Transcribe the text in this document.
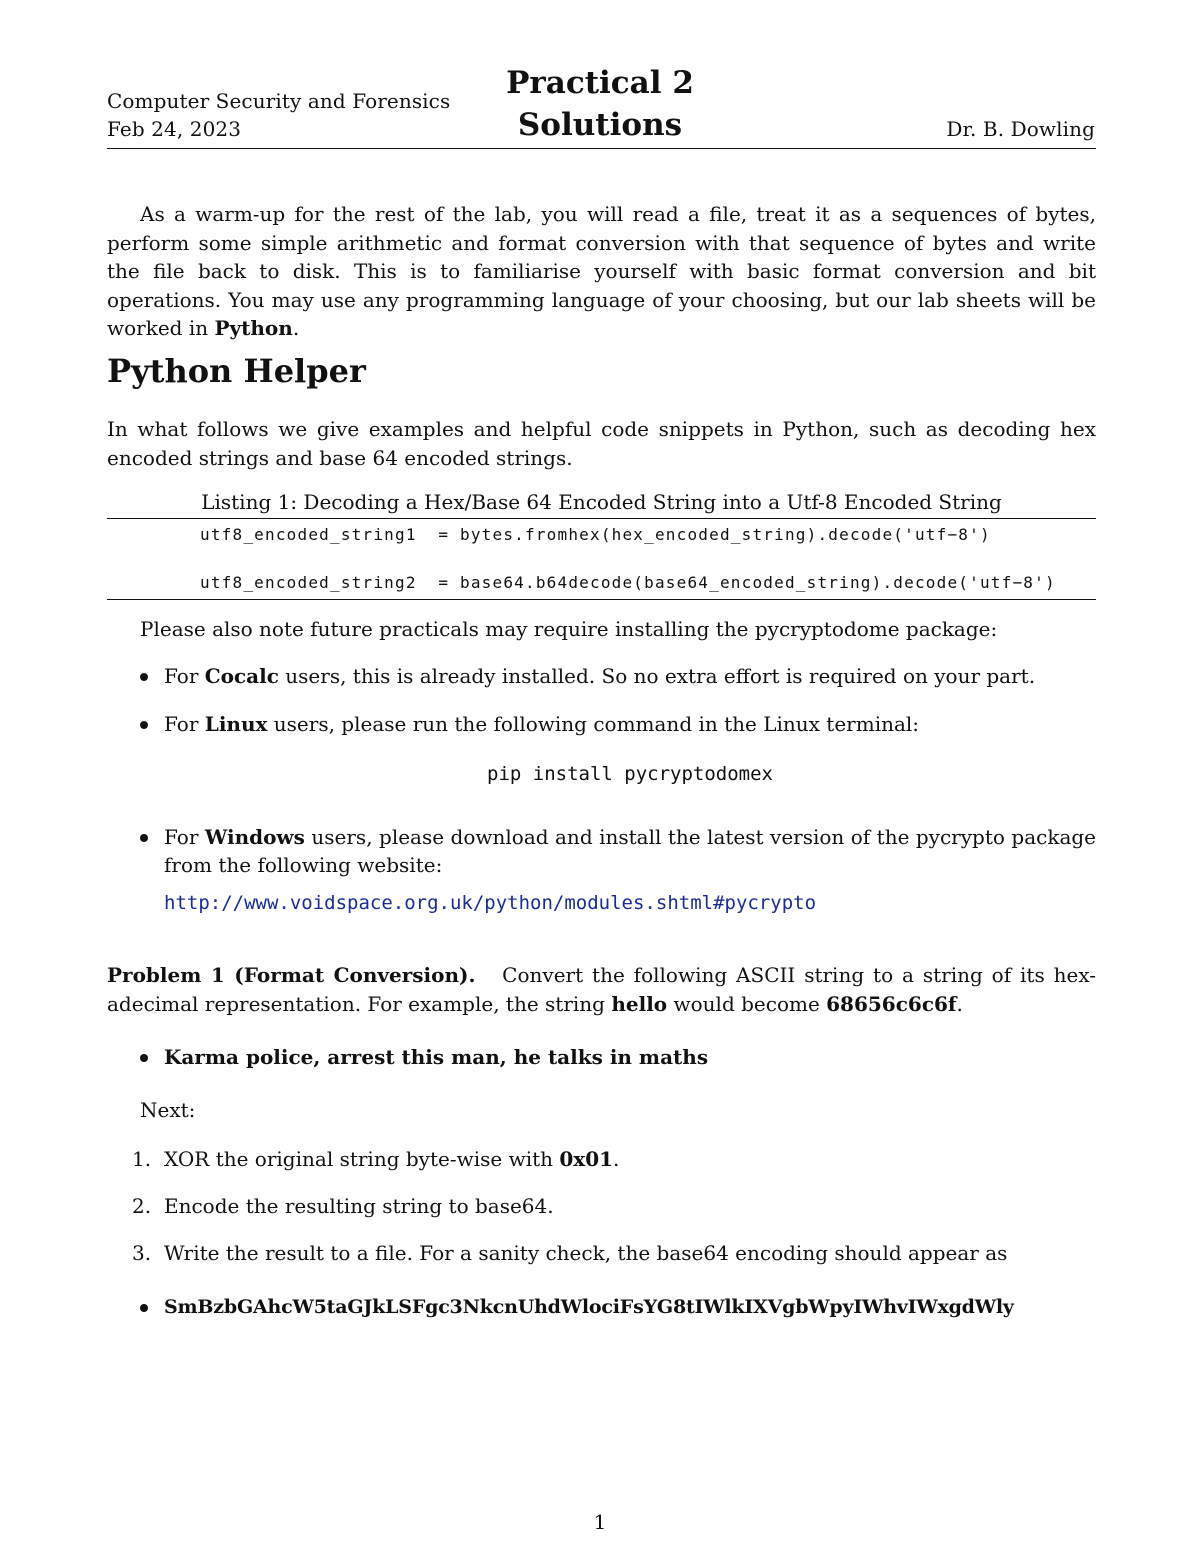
Computer Security and Forensics
Feb 24, 2023
Practical 2
Solutions	Dr. B. Dowling
As a warm-up for the rest of the lab, you will read a file, treat it as a sequences of bytes, perform some simple arithmetic and format conversion with that sequence of bytes and write the file back to disk. This is to familiarise yourself with basic format conversion and bit operations. You may use any programming language of your choosing, but our lab sheets will be worked in Python.
Python Helper
In what follows we give examples and helpful code snippets in Python, such as decoding hex encoded strings and base 64 encoded strings.
Listing 1: Decoding a Hex/Base 64 Encoded String into a Utf-8 Encoded String
utf8_encoded_string1  = bytes.fromhex(hex_encoded_string).decode('utf−8')
utf8_encoded_string2  = base64.b64decode(base64_encoded_string).decode('utf−8')
Please also note future practicals may require installing the pycryptodome package:
For Cocalc users, this is already installed. So no extra effort is required on your part.
For Linux users, please run the following command in the Linux terminal:
pip install pycryptodomex
For Windows users, please download and install the latest version of the pycrypto package from the following website:
http://www.voidspace.org.uk/python/modules.shtml#pycrypto
Problem 1 (Format Conversion). Convert the following ASCII string to a string of its hex-adecimal representation. For example, the string hello would become 68656c6c6f.
Karma police, arrest this man, he talks in maths
Next:
1. XOR the original string byte-wise with 0x01.
2. Encode the resulting string to base64.
3. Write the result to a file. For a sanity check, the base64 encoding should appear as
SmBzbGAhcW5taGJkLSFgc3NkcnUhdWlociFsYG8tIWlkIXVgbWpyIWhvIWxgdWly
1
